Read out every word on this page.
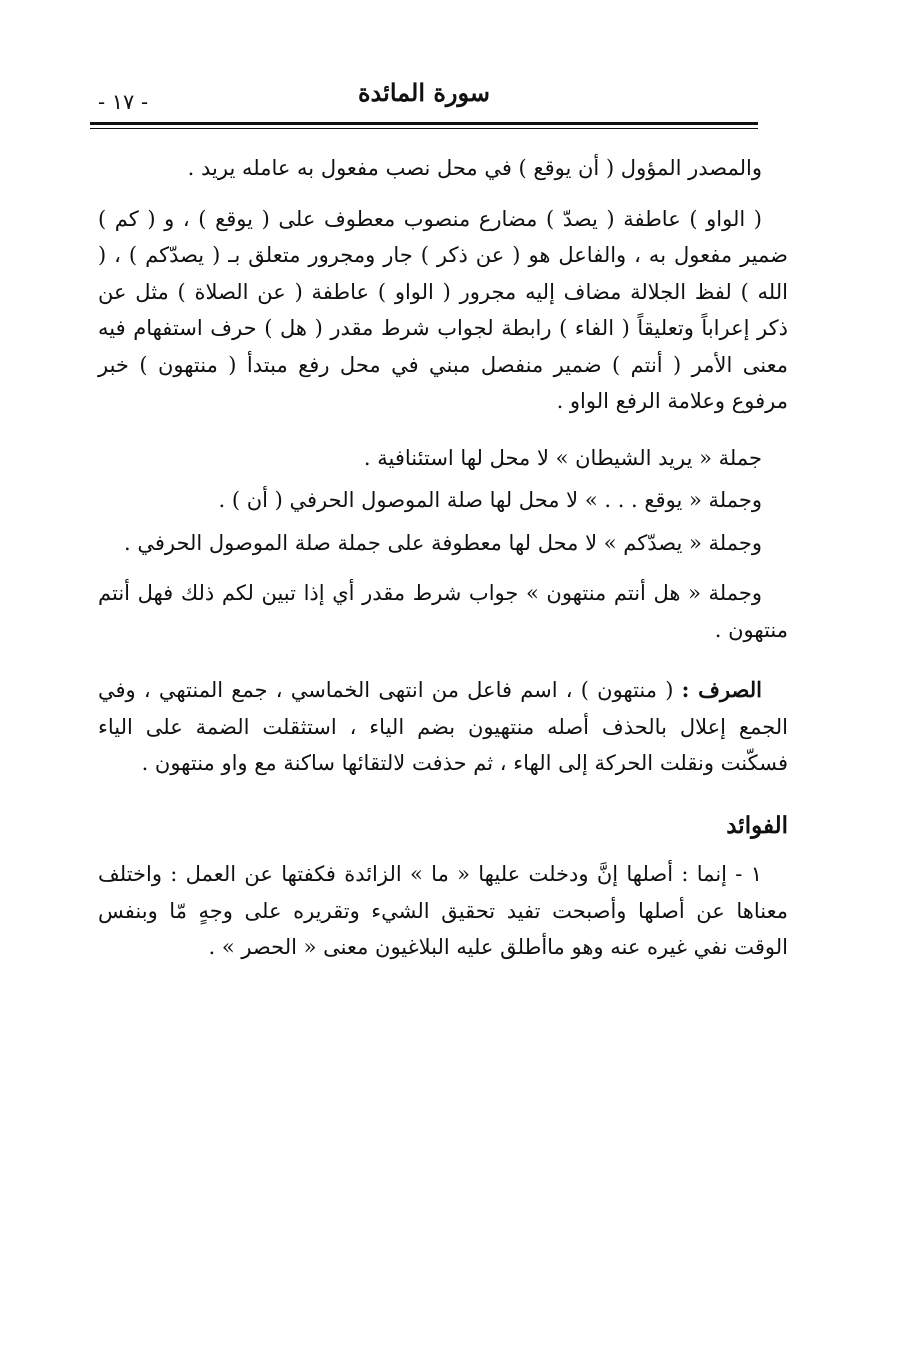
- ١٧ -	سورة المائدة

والمصدر المؤول ( أن يوقع ) في محل نصب مفعول به عامله يريد .

( الواو ) عاطفة ( يصدّ ) مضارع منصوب معطوف على ( يوقع ) ، و ( كم ) ضمير مفعول به ، والفاعل هو ( عن ذكر ) جار ومجرور متعلق بـ ( يصدّكم ) ، ( الله ) لفظ الجلالة مضاف إليه مجرور ( الواو ) عاطفة ( عن الصلاة ) مثل عن ذكر إعراباً وتعليقاً ( الفاء ) رابطة لجواب شرط مقدر ( هل ) حرف استفهام فيه معنى الأمر ( أنتم ) ضمير منفصل مبني في محل رفع مبتدأ ( منتهون ) خبر مرفوع وعلامة الرفع الواو .

جملة « يريد الشيطان » لا محل لها استئنافية .

وجملة « يوقع . . . » لا محل لها صلة الموصول الحرفي ( أن ) .

وجملة « يصدّكم » لا محل لها معطوفة على جملة صلة الموصول الحرفي .

وجملة « هل أنتم منتهون » جواب شرط مقدر أي إذا تبين لكم ذلك فهل أنتم منتهون .

الصرف : ( منتهون ) ، اسم فاعل من انتهى الخماسي ، جمع المنتهي ، وفي الجمع إعلال بالحذف أصله منتهيون بضم الياء ، استثقلت الضمة على الياء فسكّنت ونقلت الحركة إلى الهاء ، ثم حذفت لالتقائها ساكنة مع واو منتهون .

الفوائد

١ - إنما : أصلها إنَّ ودخلت عليها « ما » الزائدة فكفتها عن العمل : واختلف معناها عن أصلها وأصبحت تفيد تحقيق الشيء وتقريره على وجهٍ مّا وبنفس الوقت نفي غيره عنه وهو ماأطلق عليه البلاغيون معنى « الحصر » .
